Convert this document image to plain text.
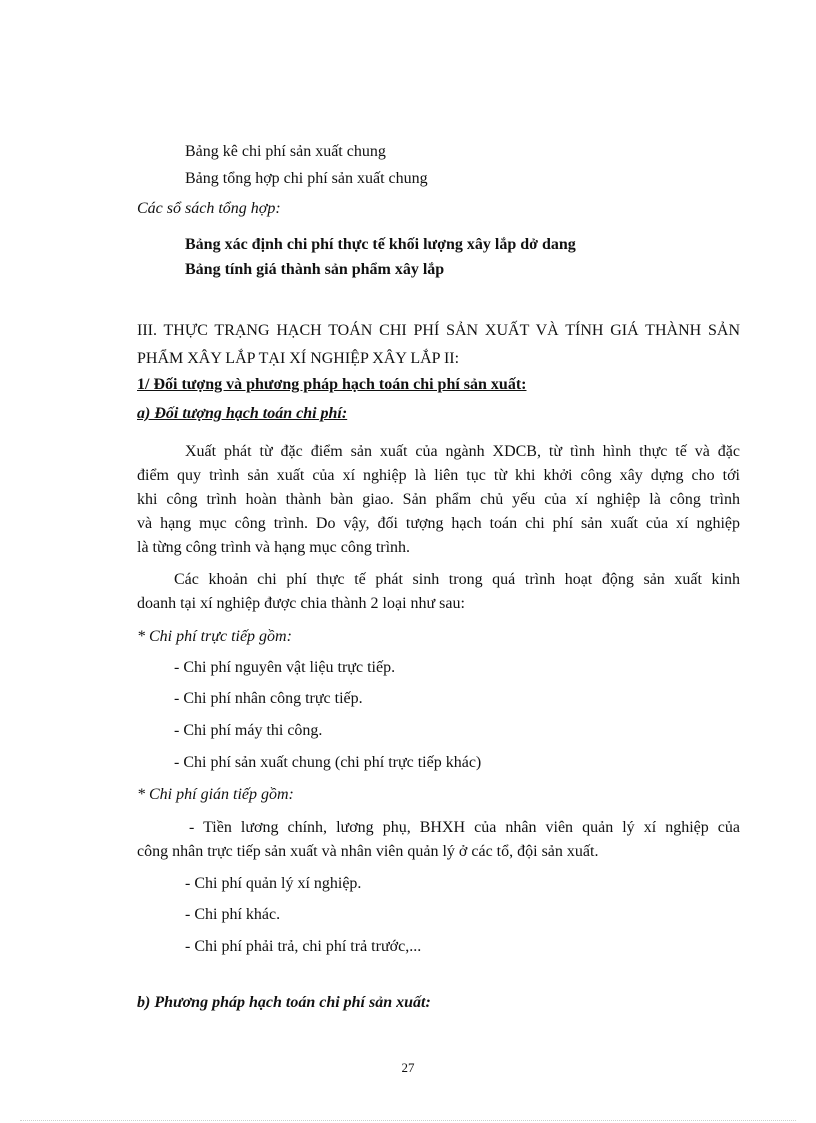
Bảng kê chi phí sản xuất chung
Bảng tổng hợp chi phí sản xuất chung
Các sổ sách tổng hợp:
Bảng xác định chi phí thực tế khối lượng xây lắp dở dang
Bảng tính giá thành sản phẩm xây lắp
III. THỰC TRẠNG HẠCH TOÁN CHI PHÍ SẢN XUẤT VÀ TÍNH GIÁ THÀNH SẢN
PHẨM XÂY LẮP TẠI XÍ NGHIỆP XÂY LẮP II:
1/ Đối tượng và phương pháp hạch toán chi phí sản xuất:
a) Đối tượng hạch toán chi phí:
Xuất phát từ đặc điểm sản xuất của ngành XDCB, từ tình hình thực tế và đặc
điểm quy trình sản xuất của xí nghiệp là liên tục từ khi khởi công xây dựng cho tới
khi công trình hoàn thành bàn giao. Sản phẩm chủ yếu của xí nghiệp là công trình
và hạng mục công trình. Do vậy, đối tượng hạch toán chi phí sản xuất của xí nghiệp
là từng công trình và hạng mục công trình.
Các khoản chi phí thực tế phát sinh trong quá trình hoạt động sản xuất kinh
doanh tại xí nghiệp được chia thành 2 loại như sau:
* Chi phí trực tiếp gồm:
- Chi phí nguyên vật liệu trực tiếp.
- Chi phí nhân công trực tiếp.
- Chi phí máy thi công.
- Chi phí sản xuất chung (chi phí trực tiếp khác)
* Chi phí gián tiếp gồm:
- Tiền lương chính, lương phụ, BHXH của nhân viên quản lý xí nghiệp của
công nhân trực tiếp sản xuất và nhân viên quản lý ở các tổ, đội sản xuất.
- Chi phí quản lý xí nghiệp.
- Chi phí khác.
- Chi phí phải trả, chi phí trả trước,...
b) Phương pháp hạch toán chi phí sản xuất:
27
